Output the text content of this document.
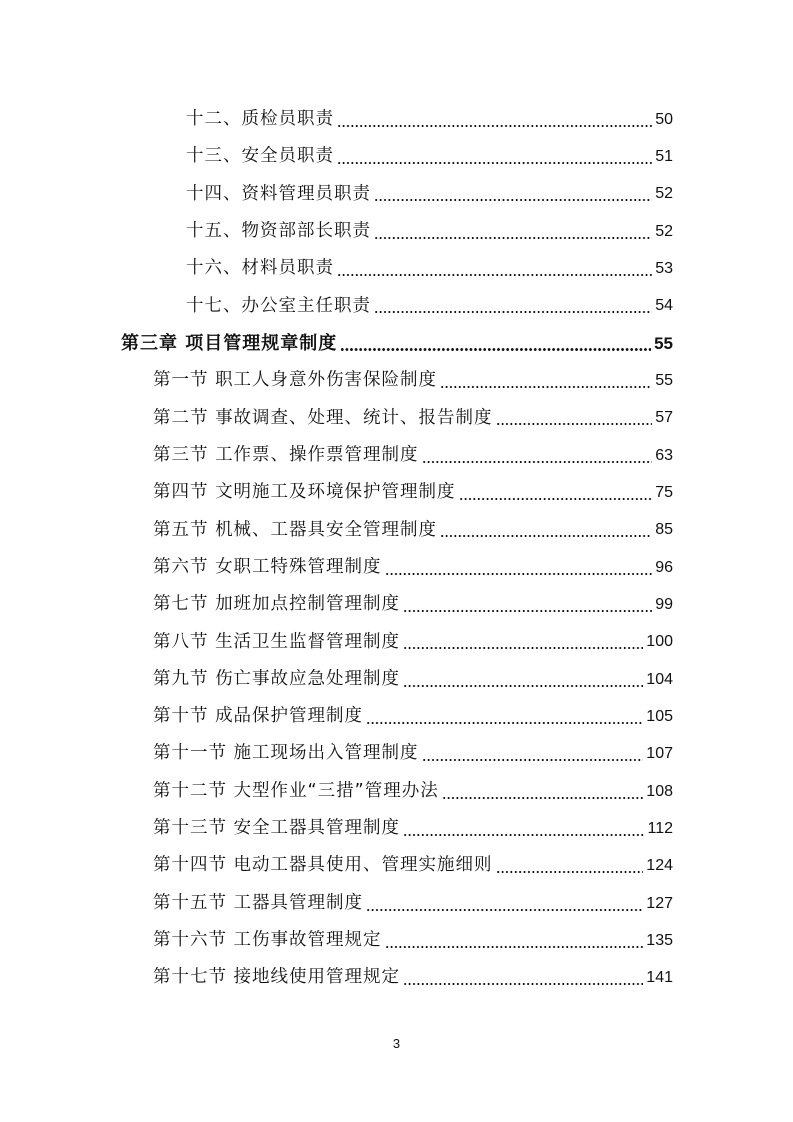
十二、质检员职责	50
十三、安全员职责	51
十四、资料管理员职责	52
十五、物资部部长职责	52
十六、材料员职责	53
十七、办公室主任职责	54
第三章 项目管理规章制度	55
第一节 职工人身意外伤害保险制度	55
第二节 事故调查、处理、统计、报告制度	57
第三节 工作票、操作票管理制度	63
第四节 文明施工及环境保护管理制度	75
第五节 机械、工器具安全管理制度	85
第六节 女职工特殊管理制度	96
第七节 加班加点控制管理制度	99
第八节 生活卫生监督管理制度	100
第九节 伤亡事故应急处理制度	104
第十节 成品保护管理制度	105
第十一节 施工现场出入管理制度	107
第十二节 大型作业“三措”管理办法	108
第十三节 安全工器具管理制度	112
第十四节 电动工器具使用、管理实施细则	124
第十五节 工器具管理制度	127
第十六节 工伤事故管理规定	135
第十七节 接地线使用管理规定	141
3
